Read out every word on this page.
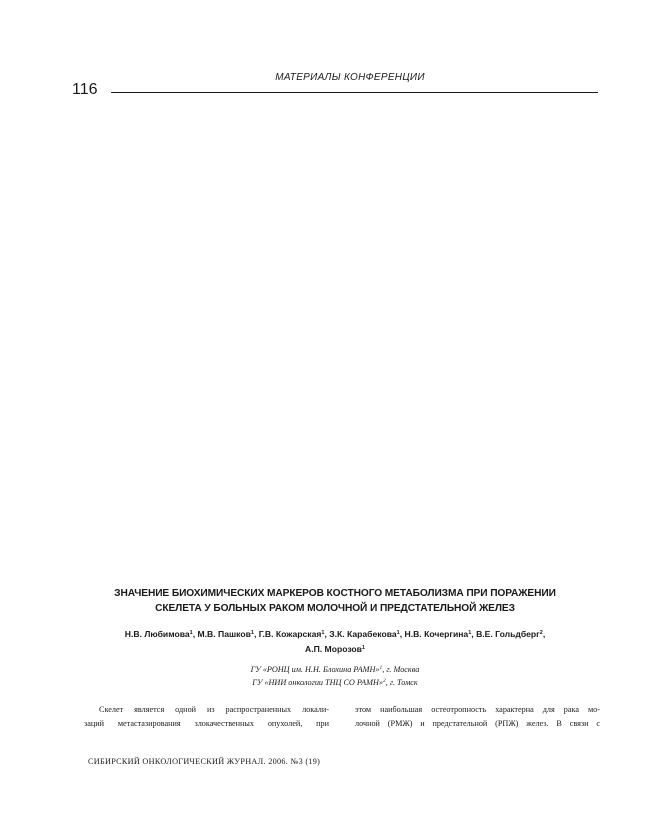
МАТЕРИАЛЫ КОНФЕРЕНЦИИ
116
ЗНАЧЕНИЕ БИОХИМИЧЕСКИХ МАРКЕРОВ КОСТНОГО МЕТАБОЛИЗМА ПРИ ПОРАЖЕНИИ
СКЕЛЕТА У БОЛЬНЫХ РАКОМ МОЛОЧНОЙ И ПРЕДСТАТЕЛЬНОЙ ЖЕЛЕЗ
Н.В. Любимова$^1$, М.В. Пашков$^1$, Г.В. Кожарская$^1$, З.К. Карабекова$^1$, Н.В. Кочергина$^1$, В.Е. Гольдберг$^2$,
А.П. Морозов$^1$
ГУ «РОНЦ им. Н.Н. Блохина РАМН»$^1$, г. Москва
ГУ «НИИ онкологии ТНЦ СО РАМН»$^2$, г. Томск
Скелет является одной из распространенных локали-
заций метастазирования злокачественных опухолей, при
этом наибольшая остеотропность характерна для рака мо-
лочной (РМЖ) и предстательной (РПЖ) желез. В связи с
СИБИРСКИЙ ОНКОЛОГИЧЕСКИЙ ЖУРНАЛ. 2006. №3 (19)
